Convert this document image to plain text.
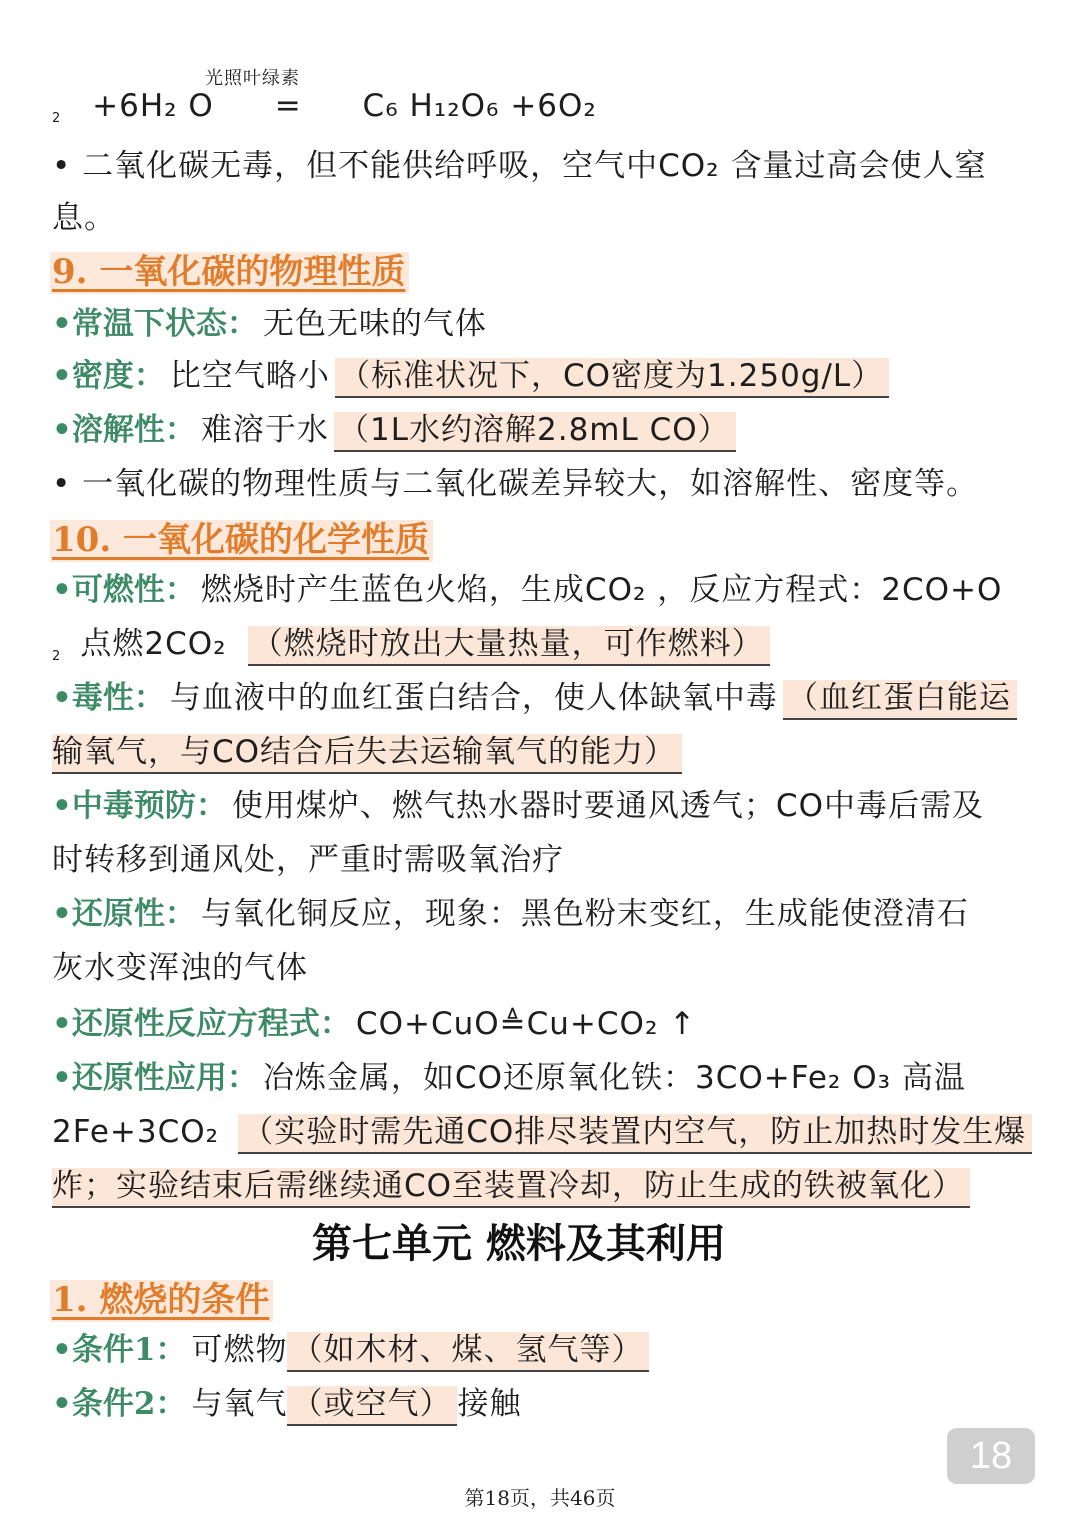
光照叶绿素
$_2$ +6H₂ O = C₆ H₁₂O₆ +6O₂
• 二氧化碳无毒，但不能供给呼吸，空气中CO₂ 含量过高会使人窒
息。
9. 一氧化碳的物理性质
•常温下状态： 无色无味的气体
•密度： 比空气略小 （标准状况下，CO密度为1.250g/L）
•溶解性： 难溶于水 （1L水约溶解2.8mL CO）
• 一氧化碳的物理性质与二氧化碳差异较大，如溶解性、密度等。
10. 一氧化碳的化学性质
•可燃性： 燃烧时产生蓝色火焰，生成CO₂ ，反应方程式：2CO+O
$_2$ 点燃2CO₂ （燃烧时放出大量热量，可作燃料）
•毒性： 与血液中的血红蛋白结合，使人体缺氧中毒 （血红蛋白能运
输氧气，与CO结合后失去运输氧气的能力）
•中毒预防： 使用煤炉、燃气热水器时要通风透气；CO中毒后需及
时转移到通风处，严重时需吸氧治疗
•还原性： 与氧化铜反应，现象：黑色粉末变红，生成能使澄清石
灰水变浑浊的气体
•还原性反应方程式： CO+CuO≜Cu+CO₂ ↑
•还原性应用： 冶炼金属，如CO还原氧化铁：3CO+Fe₂ O₃ 高温
2Fe+3CO₂ （实验时需先通CO排尽装置内空气，防止加热时发生爆
炸；实验结束后需继续通CO至装置冷却，防止生成的铁被氧化）
第七单元 燃料及其利用
1. 燃烧的条件
•条件1： 可燃物 （如木材、煤、氢气等）
•条件2： 与氧气 （或空气） 接触
18
第18页，共46页
